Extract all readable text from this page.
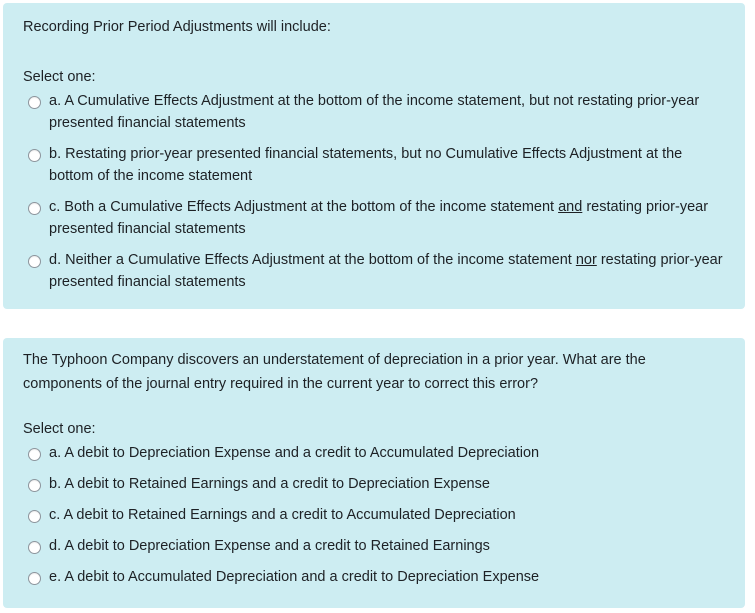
Recording Prior Period Adjustments will include:
Select one:
a. A Cumulative Effects Adjustment at the bottom of the income statement, but not restating prior-year presented financial statements
b. Restating prior-year presented financial statements, but no Cumulative Effects Adjustment at the bottom of the income statement
c. Both a Cumulative Effects Adjustment at the bottom of the income statement and restating prior-year presented financial statements
d. Neither a Cumulative Effects Adjustment at the bottom of the income statement nor restating prior-year presented financial statements
The Typhoon Company discovers an understatement of depreciation in a prior year. What are the components of the journal entry required in the current year to correct this error?
Select one:
a. A debit to Depreciation Expense and a credit to Accumulated Depreciation
b. A debit to Retained Earnings and a credit to Depreciation Expense
c. A debit to Retained Earnings and a credit to Accumulated Depreciation
d. A debit to Depreciation Expense and a credit to Retained Earnings
e. A debit to Accumulated Depreciation and a credit to Depreciation Expense
